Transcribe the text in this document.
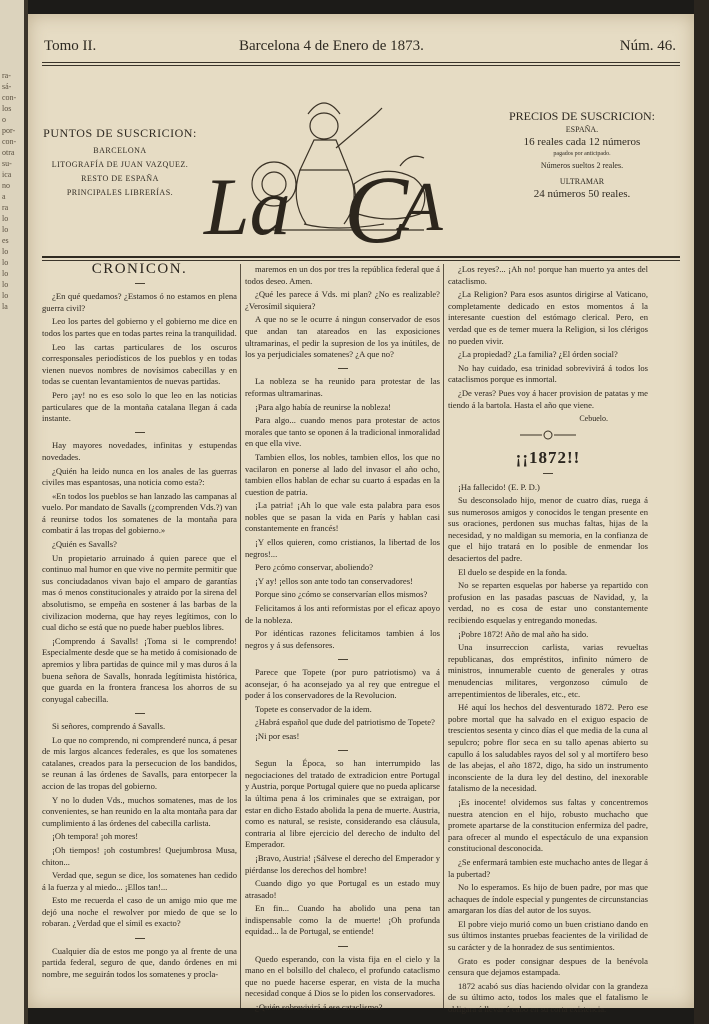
ra-
sá-
con-
los
o
por-
con-
otra
su-
ica
no
a
ra
lo
lo
es
lo
lo
lo
lo
lo
la
Tomo II.	Barcelona 4 de Enero de 1873.	Núm. 46.
PUNTOS DE SUSCRICION:
BARCELONA
LITOGRAFÍA DE JUAN VAZQUEZ.
RESTO DE ESPAÑA
PRINCIPALES LIBRERÍAS. La C
A
LA CAMPANA
PRECIOS DE SUSCRICION:
ESPAÑA.
16 reales cada 12 números
pagados por anticipado.
Números sueltos 2 reales.
ULTRAMAR
24 números 50 reales.

CRONICON.

¿En qué quedamos? ¿Estamos ó no estamos en plena guerra civil?

Leo los partes del gobierno y el gobierno me dice en todos los partes que en todas partes reina la tranquilidad.

Leo las cartas particulares de los oscuros corresponsales periodísticos de los pueblos y en todas vienen nuevos nombres de novísimos cabecillas y en todas se cuentan levantamientos de nuevas partidas.

Pero ¡ay! no es eso solo lo que leo en las noticias particulares que de la montaña catalana llegan á cada instante.

Hay mayores novedades, infinitas y estupendas novedades.

¿Quién ha leido nunca en los anales de las guerras civiles mas espantosas, una noticia como esta?:

«En todos los pueblos se han lanzado las campanas al vuelo. Por mandato de Savalls (¿comprenden Vds.?) van á reunirse todos los somatenes de la montaña para combatir á las tropas del gobierno.»

¿Quién es Savalls?

Un propietario arruinado á quien parece que el continuo mal humor en que vive no permite permitir que sus conciudadanos vivan bajo el amparo de garantías mas ó menos constitucionales y atraido por la sirena del absolutismo, se empeña en sostener á las barbas de la civilizacion moderna, que hay reyes legítimos, con lo cual dicho se está que no puede haber pueblos libres.

¡Comprendo á Savalls! ¡Toma si le comprendo! Especialmente desde que se ha metido á comisionado de apremios y libra partidas de quince mil y mas duros á la buena señora de Savalls, honrada legítimista histórica, que guarda en la frontera francesa los ahorros de su conyugal cabecilla.

Si señores, comprendo á Savalls.

Lo que no comprendo, ni comprenderé nunca, á pesar de mis largos alcances federales, es que los somatenes catalanes, creados para la persecucion de los bandidos, se reunan á las órdenes de Savalls, para entorpecer la accion de las tropas del gobierno.

Y no lo duden Vds., muchos somatenes, mas de los convenientes, se han reunido en la alta montaña para dar cumplimiento á las órdenes del cabecilla carlista.

¡Oh tempora! ¡oh mores!

¡Oh tiempos! ¡oh costumbres! Quejumbrosa Musa, chiton...

Verdad que, segun se dice, los somatenes han cedido á la fuerza y al miedo... ¡Ellos tan!...

Esto me recuerda el caso de un amigo mio que me dejó una noche el rewolver por miedo de que se lo robaran. ¿Verdad que el símil es exacto?

Cualquier día de estos me pongo ya al frente de una partida federal, seguro de que, dando órdenes en mi nombre, me seguirán todos los somatenes y procla-

maremos en un dos por tres la república federal que á todos deseo. Amen.

¿Qué les parece á Vds. mi plan? ¿No es realizable? ¿Verosímil siquiera?

A que no se le ocurre á ningun conservador de esos que andan tan atareados en las exposiciones ultramarinas, el pedir la supresion de los ya inútiles, de los ya perjudiciales somatenes? ¿A que no?

La nobleza se ha reunido para protestar de las reformas ultramarinas.

¡Para algo había de reunirse la nobleza!

Para algo... cuando menos para protestar de actos morales que tanto se oponen á la tradicional inmoralidad en que ella vive.

Tambien ellos, los nobles, tambien ellos, los que no vacilaron en ponerse al lado del invasor el año ocho, tambien ellos hablan de echar su cuarto á espadas en la cuestion de patria.

¡La patria! ¡Ah lo que vale esta palabra para esos nobles que se pasan la vida en París y hablan casi constantemente en francés!

¡Y ellos quieren, como cristianos, la libertad de los negros!...

Pero ¿cómo conservar, aboliendo?

¡Y ay! ¡ellos son ante todo tan conservadores!

Porque sino ¿cómo se conservarían ellos mismos?

Felicitamos á los anti reformistas por el eficaz apoyo de la nobleza.

Por idénticas razones felicitamos tambien á los negros y á sus defensores.

Parece que Topete (por puro patriotismo) va á aconsejar, ó ha aconsejado ya al rey que entregue el poder á los conservadores de la Revolucion.

Topete es conservador de la idem.

¿Habrá español que dude del patriotismo de Topete?

¡Ni por esas!

Segun la Época, so han interrumpido las negociaciones del tratado de extradicion entre Portugal y Austria, porque Portugal quiere que no pueda aplicarse la última pena á los criminales que se extraigan, por estar en dicho Estado abolida la pena de muerte. Austria, como es natural, se resiste, considerando esa cláusula, contraria al libre ejercicio del derecho de indulto del Emperador.

¡Bravo, Austria! ¡Sálvese el derecho del Emperador y piérdanse los derechos del hombre!

Cuando digo yo que Portugal es un estado muy atrasado!

En fin... Cuando ha abolido una pena tan indispensable como la de muerte! ¡Oh profunda equidad... la de Portugal, se entiende!

Quedo esperando, con la vista fija en el cielo y la mano en el bolsillo del chaleco, el profundo cataclismo que no puede hacerse esperar, en vista de la mucha necesidad conque á Dios se lo piden los conservadores.

¿Quién sobrevivirá á ese cataclismo?

¿Los reyes?... ¡Ah no! porque han muerto ya antes del cataclismo.

¿La Religion? Para esos asuntos dirigirse al Vaticano, completamente dedicado en estos momentos á la interesante cuestion del estómago clerical. Pero, en verdad que es de temer muera la Religion, si los clérigos no pueden vivir.

¿La propiedad? ¿La familia? ¿El órden social?

No hay cuidado, esa trinidad sobrevivirá á todos los cataclismos porque es inmortal.

¿De veras? Pues voy á hacer provision de patatas y me tiendo á la bartola. Hasta el año que viene.

Cebuelo.

¡¡1872!!

¡Ha fallecido! (E. P. D.)

Su desconsolado hijo, menor de cuatro días, ruega á sus numerosos amigos y conocidos le tengan presente en sus oraciones, perdonen sus muchas faltas, hijas de la necesidad, y no maldigan su memoria, en la confianza de que el hijo tratará en lo posible de enmendar los desaciertos del padre.

El duelo se despide en la fonda.

No se reparten esquelas por haberse ya repartido con profusion en las pasadas pascuas de Navidad, y, la verdad, no es cosa de estar uno constantemente recibiendo esquelas y entregando monedas.

¡Pobre 1872! Año de mal año ha sido.

Una insurreccion carlista, varias revueltas republicanas, dos empréstitos, infinito número de ministros, innumerable cuento de generales y otras menudencias militares, vergonzoso cúmulo de arrepentimientos de liberales, etc., etc.

Hé aquí los hechos del desventurado 1872. Pero ese pobre mortal que ha salvado en el exiguo espacio de trescientos sesenta y cinco días el que media de la cuna al sepulcro; pobre flor seca en su tallo apenas abierto su capullo á los saludables rayos del sol y al mortífero beso de las abejas, el año 1872, digo, ha sido un instrumento inconsciente de la dura ley del destino, del inexorable fatalismo de la necesidad.

¡Es inocente! olvidemos sus faltas y concentremos nuestra atencion en el hijo, robusto muchacho que promete apartarse de la constitucion enfermiza del padre, para ofrecer al mundo el espectáculo de una expansion constitucional desconocida.

¿Se enfermará tambien este muchacho antes de llegar á la pubertad?

No lo esperamos. Es hijo de buen padre, por mas que achaques de índole especial y pungentes de circunstancias amargaran los días del autor de los suyos.

El pobre viejo murió como un buen cristiano dando en sus últimos instantes pruebas feacientes de la virilidad de su carácter y de la honradez de sus sentimientos.

Grato es poder consignar despues de la benévola censura que dejamos estampada.

1872 acabó sus días haciendo olvidar con la grandeza de su último acto, todos los males que el fatalismo le obligara á llevar á cabo en su corta existencia.
